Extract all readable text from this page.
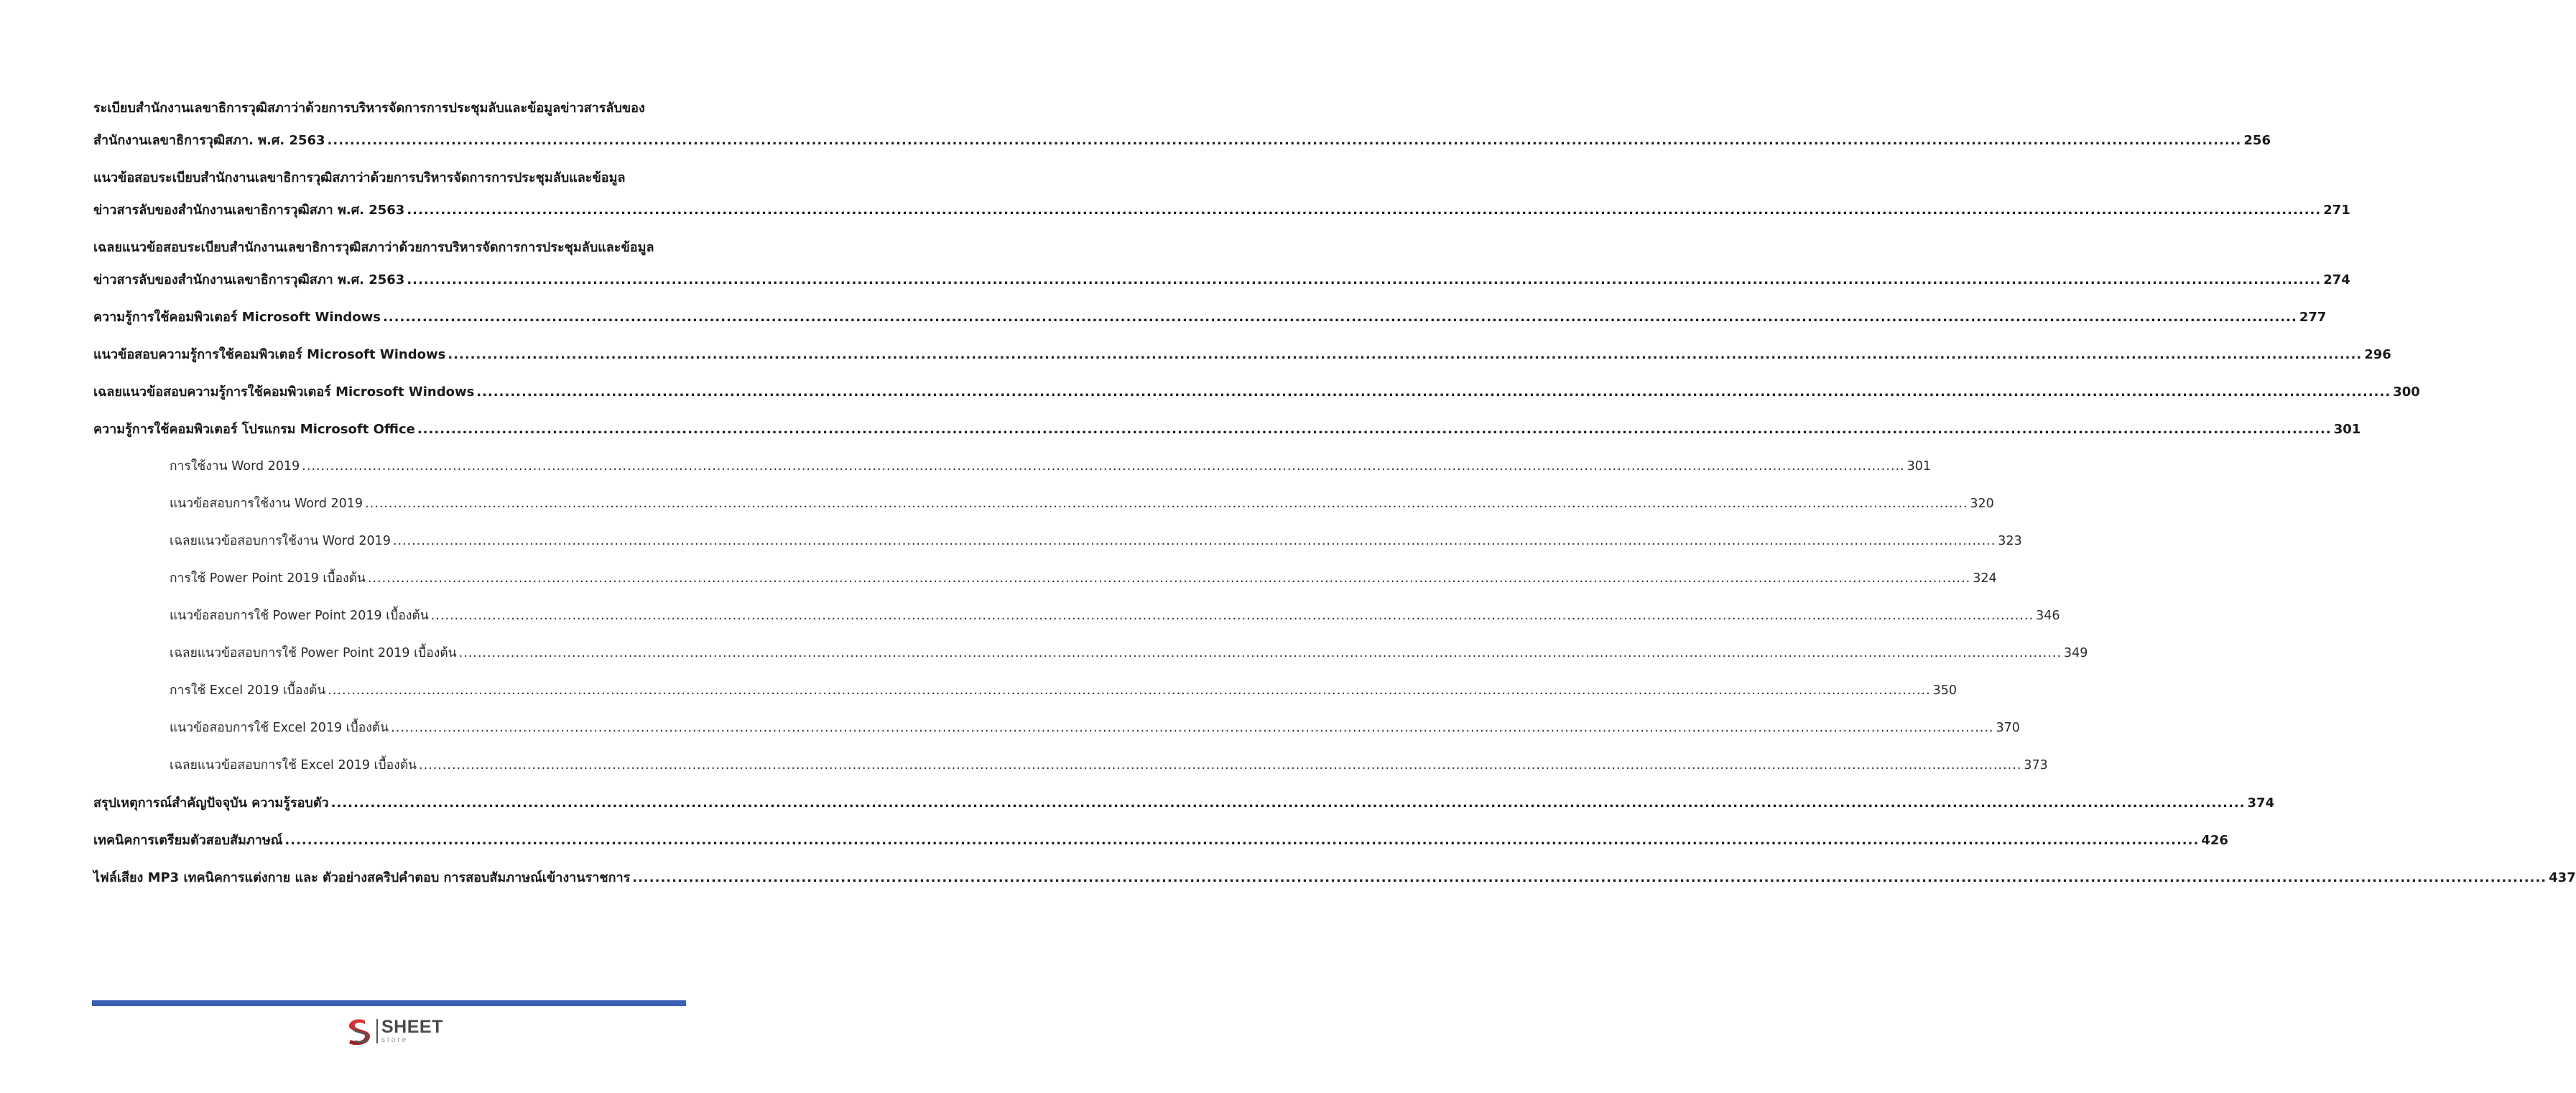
ระเบียบสำนักงานเลขาธิการวุฒิสภาว่าด้วยการบริหารจัดการการประชุมลับและข้อมูลข่าวสารลับของ
สำนักงานเลขาธิการวุฒิสภา. พ.ศ. 2563 .....	256
แนวข้อสอบระเบียบสำนักงานเลขาธิการวุฒิสภาว่าด้วยการบริหารจัดการการประชุมลับและข้อมูล
ข่าวสารลับของสำนักงานเลขาธิการวุฒิสภา พ.ศ. 2563 .....	271
เฉลยแนวข้อสอบระเบียบสำนักงานเลขาธิการวุฒิสภาว่าด้วยการบริหารจัดการการประชุมลับและข้อมูล
ข่าวสารลับของสำนักงานเลขาธิการวุฒิสภา พ.ศ. 2563 .....	274
ความรู้การใช้คอมพิวเตอร์ Microsoft Windows .....	277
แนวข้อสอบความรู้การใช้คอมพิวเตอร์ Microsoft Windows .....	296
เฉลยแนวข้อสอบความรู้การใช้คอมพิวเตอร์ Microsoft Windows .....	300
ความรู้การใช้คอมพิวเตอร์ โปรแกรม Microsoft Office .....	301
การใช้งาน Word 2019 .....	301
แนวข้อสอบการใช้งาน Word 2019 .....	320
เฉลยแนวข้อสอบการใช้งาน Word 2019 .....	323
การใช้ Power Point 2019 เบื้องต้น .....	324
แนวข้อสอบการใช้ Power Point 2019 เบื้องต้น .....	346
เฉลยแนวข้อสอบการใช้ Power Point 2019 เบื้องต้น .....	349
การใช้ Excel 2019 เบื้องต้น .....	350
แนวข้อสอบการใช้ Excel 2019 เบื้องต้น .....	370
เฉลยแนวข้อสอบการใช้ Excel 2019 เบื้องต้น .....	373
สรุปเหตุการณ์สำคัญปัจจุบัน ความรู้รอบตัว .....	374
เทคนิคการเตรียมตัวสอบสัมภาษณ์ .....	426
ไฟล์เสียง MP3 เทคนิคการแต่งกาย และ ตัวอย่างสคริปคำตอบ การสอบสัมภาษณ์เข้างานราชการ .....	437
SHEET
store
